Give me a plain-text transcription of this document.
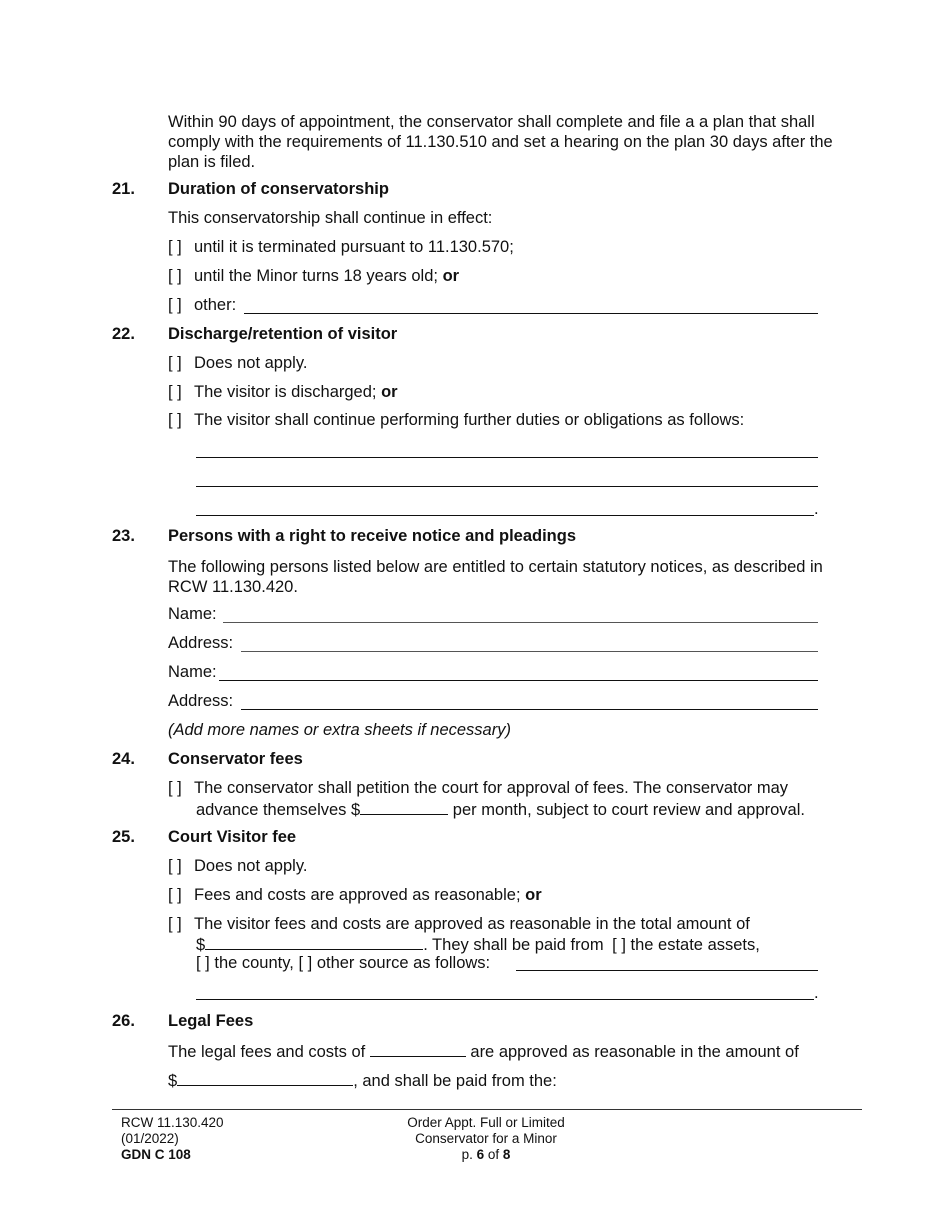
Within 90 days of appointment, the conservator shall complete and file a a plan that shall comply with the requirements of 11.130.510 and set a hearing on the plan 30 days after the plan is filed.
21. Duration of conservatorship
This conservatorship shall continue in effect:
[ ] until it is terminated pursuant to 11.130.570;
[ ] until the Minor turns 18 years old; or
[ ] other:
22. Discharge/retention of visitor
[ ] Does not apply.
[ ] The visitor is discharged; or
[ ] The visitor shall continue performing further duties or obligations as follows:
.
23. Persons with a right to receive notice and pleadings
The following persons listed below are entitled to certain statutory notices, as described in RCW 11.130.420.
Name:
Address:
Name:
Address:
(Add more names or extra sheets if necessary)
24. Conservator fees
[ ] The conservator shall petition the court for approval of fees. The conservator may
advance themselves $	per month, subject to court review and approval.
25. Court Visitor fee
[ ] Does not apply.
[ ] Fees and costs are approved as reasonable; or
[ ] The visitor fees and costs are approved as reasonable in the total amount of
$	. They shall be paid from [ ] the estate assets,
[ ] the county, [ ] other source as follows:
.
26. Legal Fees
The legal fees and costs of	are approved as reasonable in the amount of
$	, and shall be paid from the:
RCW 11.130.420
(01/2022)
GDN C 108
Order Appt. Full or Limited
Conservator for a Minor
p. 6 of 8
